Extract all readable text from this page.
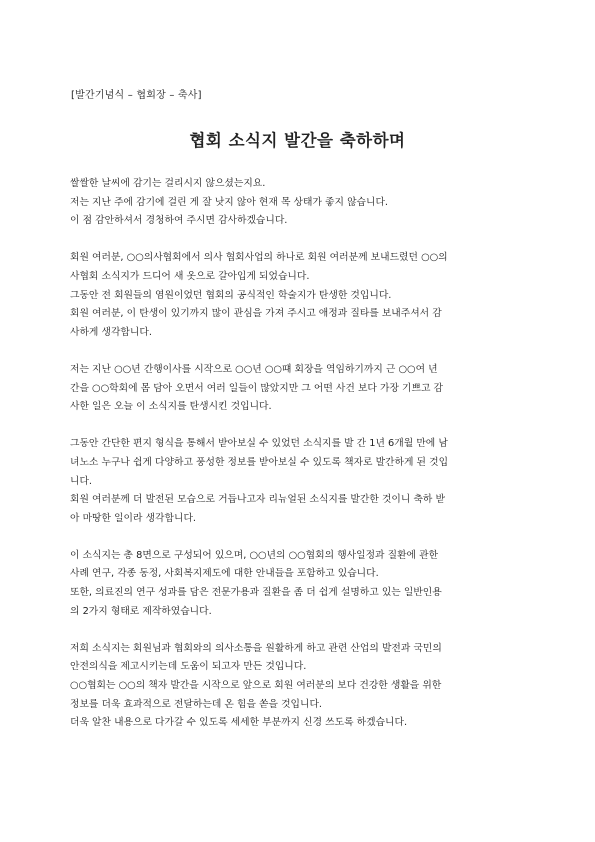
[발간기념식 – 협회장 – 축사]
협회 소식지 발간을 축하하며
쌀쌀한 날씨에 감기는 걸리시지 않으셨는지요.
저는 지난 주에 감기에 걸린 게 잘 낫지 않아 현재 목 상태가 좋지 않습니다.
이 점 감안하셔서 경청하여 주시면 감사하겠습니다.
회원 여러분, ○○의사협회에서 의사 협회사업의 하나로 회원 여러분께 보내드렸던 ○○의
사협회 소식지가 드디어 새 옷으로 갈아입게 되었습니다.
그동안 전 회원들의 염원이었던 협회의 공식적인 학술지가 탄생한 것입니다.
회원 여러분, 이 탄생이 있기까지 많이 관심을 가져 주시고 애정과 질타를 보내주셔서 감
사하게 생각합니다.
저는 지난 ○○년 간행이사를 시작으로 ○○년 ○○떄 회장을 역임하기까지 근 ○○여 년
간을 ○○학회에 몸 담아 오면서 여러 일들이 많았지만 그 어떤 사건 보다 가장 기쁘고 감
사한 일은 오늘 이 소식지를 탄생시킨 것입니다.
그동안 간단한 편지 형식을 통해서 받아보실 수 있었던 소식지를 발 간 1년 6개월 만에 남
녀노소 누구나 쉽게 다양하고 풍성한 정보를 받아보실 수 있도록 책자로 발간하게 된 것입
니다.
회원 여러분께 더 발전된 모습으로 거듭나고자 리뉴얼된 소식지를 발간한 것이니 축하 받
아 마땅한 일이라 생각합니다.
이 소식지는 총 8면으로 구성되어 있으며, ○○년의 ○○협회의 행사일정과 질환에 관한
사례 연구, 각종 동정, 사회복지제도에 대한 안내들을 포함하고 있습니다.
또한, 의료진의 연구 성과를 담은 전문가용과 질환을 좀 더 쉽게 설명하고 있는 일반인용
의 2가지 형태로 제작하였습니다.
저희 소식지는 회원님과 협회와의 의사소통을 원활하게 하고 관련 산업의 발전과 국민의
안전의식을 제고시키는데 도움이 되고자 만든 것입니다.
○○협회는 ○○의 책자 발간을 시작으로 앞으로 회원 여러분의 보다 건강한 생활을 위한
정보를 더욱 효과적으로 전달하는데 온 힘을 쏟을 것입니다.
더욱 알찬 내용으로 다가갈 수 있도록 세세한 부분까지 신경 쓰도록 하겠습니다.
